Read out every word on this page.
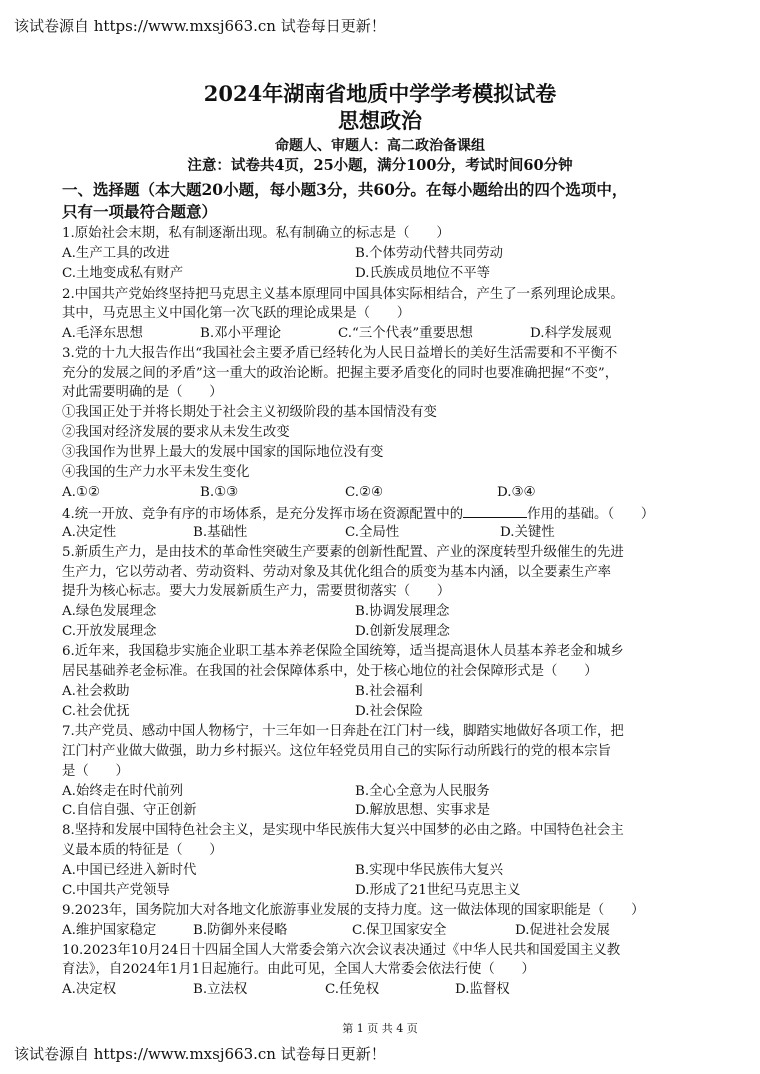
该试卷源自 https://www.mxsj663.cn 试卷每日更新！
2024年湖南省地质中学学考模拟试卷
思想政治
命题人、审题人：高二政治备课组
注意：试卷共4页，25小题，满分100分，考试时间60分钟
一、选择题（本大题20小题，每小题3分，共60分。在每小题给出的四个选项中，
只有一项最符合题意）
1.原始社会末期，私有制逐渐出现。私有制确立的标志是（　　）
A.生产工具的改进	B.个体劳动代替共同劳动
C.土地变成私有财产	D.氏族成员地位不平等
2.中国共产党始终坚持把马克思主义基本原理同中国具体实际相结合，产生了一系列理论成果。
其中，马克思主义中国化第一次飞跃的理论成果是（　　）
A.毛泽东思想	B.邓小平理论	C.“三个代表”重要思想	D.科学发展观
3.党的十九大报告作出“我国社会主要矛盾已经转化为人民日益增长的美好生活需要和不平衡不
充分的发展之间的矛盾”这一重大的政治论断。把握主要矛盾变化的同时也要准确把握“不变”，
对此需要明确的是（　　）
①我国正处于并将长期处于社会主义初级阶段的基本国情没有变
②我国对经济发展的要求从未发生改变
③我国作为世界上最大的发展中国家的国际地位没有变
④我国的生产力水平未发生变化
A.①②	B.①③	C.②④	D.③④
4.统一开放、竞争有序的市场体系，是充分发挥市场在资源配置中的	作用的基础。（　　）
A.决定性	B.基础性	C.全局性	D.关键性
5.新质生产力，是由技术的革命性突破生产要素的创新性配置、产业的深度转型升级催生的先进
生产力，它以劳动者、劳动资料、劳动对象及其优化组合的质变为基本内涵，以全要素生产率
提升为核心标志。要大力发展新质生产力，需要贯彻落实（　　）
A.绿色发展理念	B.协调发展理念
C.开放发展理念	D.创新发展理念
6.近年来，我国稳步实施企业职工基本养老保险全国统筹，适当提高退休人员基本养老金和城乡
居民基础养老金标准。在我国的社会保障体系中，处于核心地位的社会保障形式是（　　）
A.社会救助	B.社会福利
C.社会优抚	D.社会保险
7.共产党员、感动中国人物杨宁，十三年如一日奔赴在江门村一线，脚踏实地做好各项工作，把
江门村产业做大做强，助力乡村振兴。这位年轻党员用自己的实际行动所践行的党的根本宗旨
是（　　）
A.始终走在时代前列	B.全心全意为人民服务
C.自信自强、守正创新	D.解放思想、实事求是
8.坚持和发展中国特色社会主义，是实现中华民族伟大复兴中国梦的必由之路。中国特色社会主
义最本质的特征是（　　）
A.中国已经进入新时代	B.实现中华民族伟大复兴
C.中国共产党领导	D.形成了21世纪马克思主义
9.2023年，国务院加大对各地文化旅游事业发展的支持力度。这一做法体现的国家职能是（　　）
A.维护国家稳定	B.防御外来侵略	C.保卫国家安全	D.促进社会发展
10.2023年10月24日十四届全国人大常委会第六次会议表决通过《中华人民共和国爱国主义教
育法》，自2024年1月1日起施行。由此可见，全国人大常委会依法行使（　　）
A.决定权	B.立法权	C.任免权	D.监督权
第 1 页 共 4 页
该试卷源自 https://www.mxsj663.cn 试卷每日更新！
